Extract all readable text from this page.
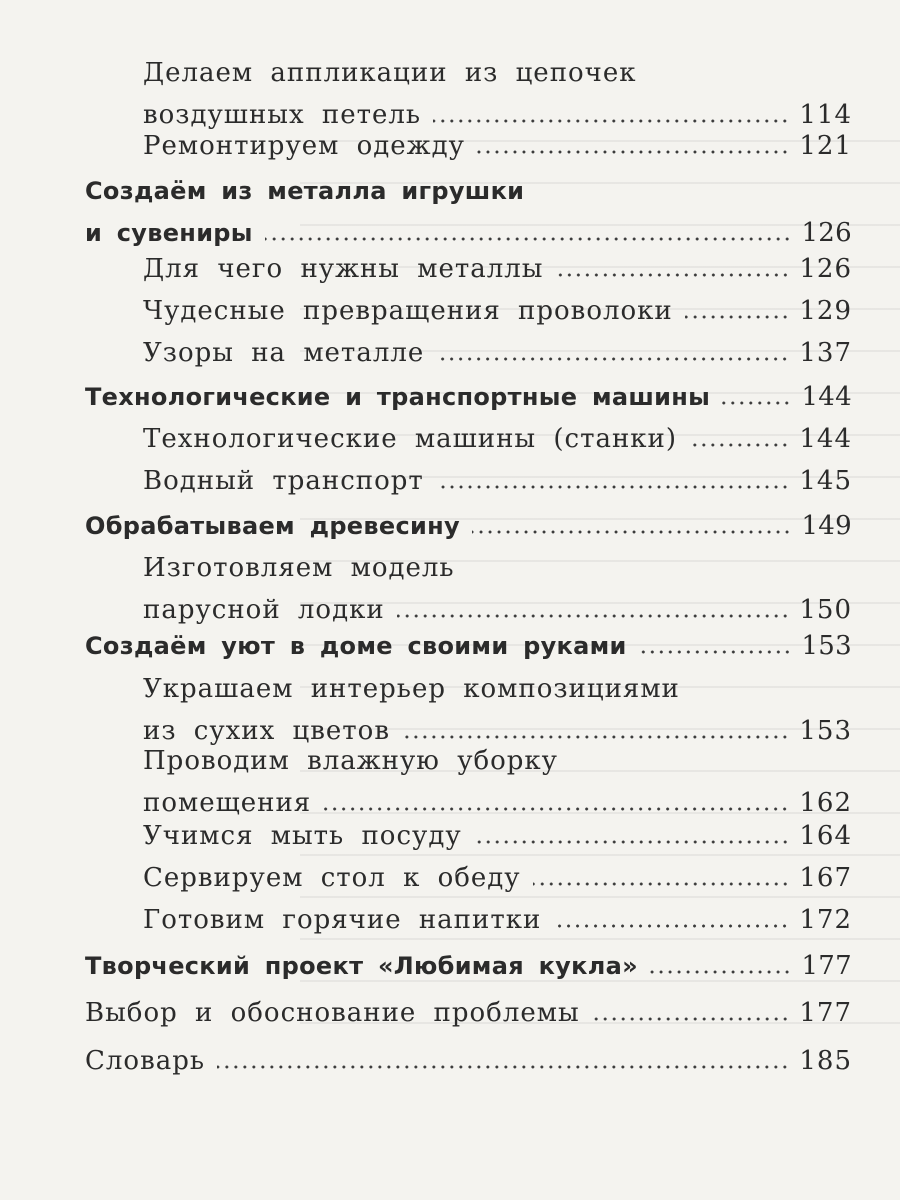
Делаем аппликации из цепочек
воздушных петель	114
Ремонтируем одежду	121
Создаём из металла игрушки
и сувениры	126
Для чего нужны металлы	126
Чудесные превращения проволоки	129
Узоры на металле	137
Технологические и транспортные машины	144
Технологические машины (станки)	144
Водный транспорт	145
Обрабатываем древесину	149
Изготовляем модель
парусной лодки	150
Создаём уют в доме своими руками	153
Украшаем интерьер композициями
из сухих цветов	153
Проводим влажную уборку
помещения	162
Учимся мыть посуду	164
Сервируем стол к обеду	167
Готовим горячие напитки	172
Творческий проект «Любимая кукла»	177
Выбор и обоснование проблемы	177
Словарь	185
